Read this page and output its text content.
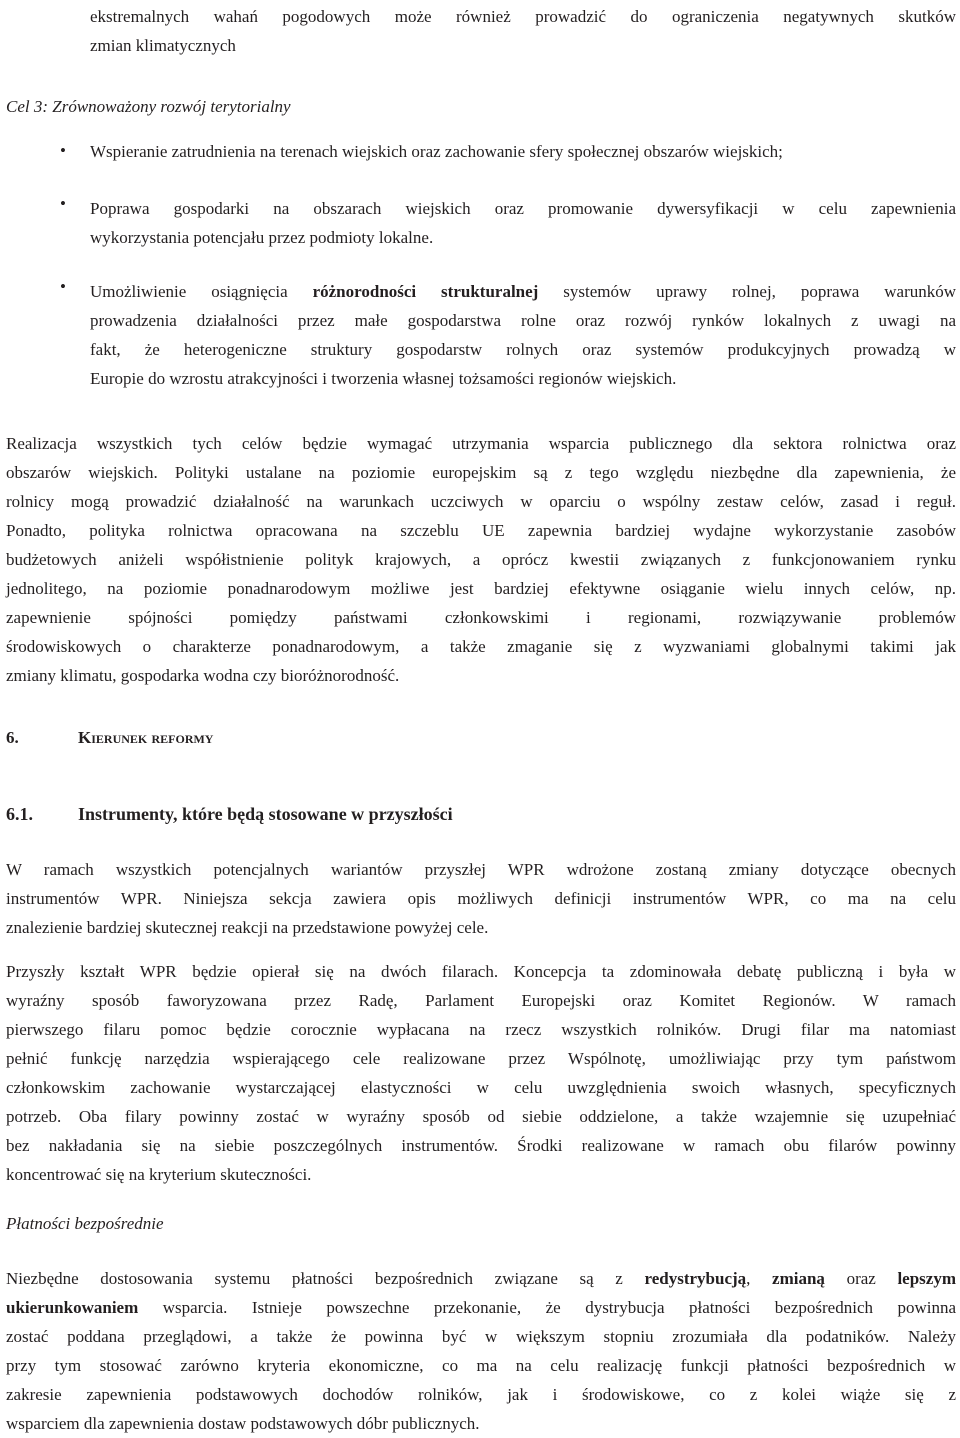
ekstremalnych wahań pogodowych może również prowadzić do ograniczenia negatywnych skutków
zmian klimatycznych
Cel 3: Zrównoważony rozwój terytorialny
• Wspieranie zatrudnienia na terenach wiejskich oraz zachowanie sfery społecznej obszarów wiejskich;
• Poprawa gospodarki na obszarach wiejskich oraz promowanie dywersyfikacji w celu zapewnienia
wykorzystania potencjału przez podmioty lokalne.
• Umożliwienie osiągnięcia różnorodności strukturalnej systemów uprawy rolnej, poprawa warunków
prowadzenia działalności przez małe gospodarstwa rolne oraz rozwój rynków lokalnych z uwagi na
fakt, że heterogeniczne struktury gospodarstw rolnych oraz systemów produkcyjnych prowadzą w
Europie do wzrostu atrakcyjności i tworzenia własnej tożsamości regionów wiejskich.
Realizacja wszystkich tych celów będzie wymagać utrzymania wsparcia publicznego dla sektora rolnictwa oraz
obszarów wiejskich. Polityki ustalane na poziomie europejskim są z tego względu niezbędne dla zapewnienia, że
rolnicy mogą prowadzić działalność na warunkach uczciwych w oparciu o wspólny zestaw celów, zasad i reguł.
Ponadto, polityka rolnictwa opracowana na szczeblu UE zapewnia bardziej wydajne wykorzystanie zasobów
budżetowych aniżeli współistnienie polityk krajowych, a oprócz kwestii związanych z funkcjonowaniem rynku
jednolitego, na poziomie ponadnarodowym możliwe jest bardziej efektywne osiąganie wielu innych celów, np.
zapewnienie spójności pomiędzy państwami członkowskimi i regionami, rozwiązywanie problemów
środowiskowych o charakterze ponadnarodowym, a także zmaganie się z wyzwaniami globalnymi takimi jak
zmiany klimatu, gospodarka wodna czy bioróżnorodność.
6.	Kierunek reformy
6.1.	Instrumenty, które będą stosowane w przyszłości
W ramach wszystkich potencjalnych wariantów przyszłej WPR wdrożone zostaną zmiany dotyczące obecnych
instrumentów WPR. Niniejsza sekcja zawiera opis możliwych definicji instrumentów WPR, co ma na celu
znalezienie bardziej skutecznej reakcji na przedstawione powyżej cele.
Przyszły kształt WPR będzie opierał się na dwóch filarach. Koncepcja ta zdominowała debatę publiczną i była w
wyraźny sposób faworyzowana przez Radę, Parlament Europejski oraz Komitet Regionów. W ramach
pierwszego filaru pomoc będzie corocznie wypłacana na rzecz wszystkich rolników. Drugi filar ma natomiast
pełnić funkcję narzędzia wspierającego cele realizowane przez Wspólnotę, umożliwiając przy tym państwom
członkowskim zachowanie wystarczającej elastyczności w celu uwzględnienia swoich własnych, specyficznych
potrzeb. Oba filary powinny zostać w wyraźny sposób od siebie oddzielone, a także wzajemnie się uzupełniać
bez nakładania się na siebie poszczególnych instrumentów. Środki realizowane w ramach obu filarów powinny
koncentrować się na kryterium skuteczności.
Płatności bezpośrednie
Niezbędne dostosowania systemu płatności bezpośrednich związane są z redystrybucją, zmianą oraz lepszym
ukierunkowaniem wsparcia. Istnieje powszechne przekonanie, że dystrybucja płatności bezpośrednich powinna
zostać poddana przeglądowi, a także że powinna być w większym stopniu zrozumiała dla podatników. Należy
przy tym stosować zarówno kryteria ekonomiczne, co ma na celu realizację funkcji płatności bezpośrednich w
zakresie zapewnienia podstawowych dochodów rolników, jak i środowiskowe, co z kolei wiąże się z
wsparciem dla zapewnienia dostaw podstawowych dóbr publicznych.
